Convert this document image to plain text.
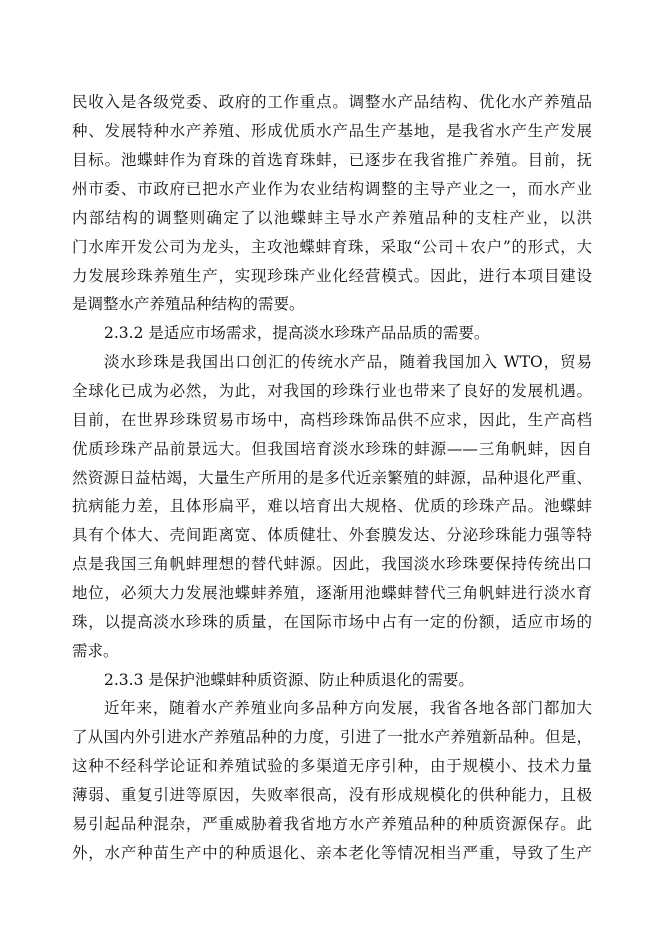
民收入是各级党委、政府的工作重点。调整水产品结构、优化水产养殖品
种、发展特种水产养殖、形成优质水产品生产基地，是我省水产生产发展
目标。池蝶蚌作为育珠的首选育珠蚌，已逐步在我省推广养殖。目前，抚
州市委、市政府已把水产业作为农业结构调整的主导产业之一，而水产业
内部结构的调整则确定了以池蝶蚌主导水产养殖品种的支柱产业，以洪
门水库开发公司为龙头，主攻池蝶蚌育珠，采取“公司＋农户”的形式，大
力发展珍珠养殖生产，实现珍珠产业化经营模式。因此，进行本项目建设
是调整水产养殖品种结构的需要。
2.3.2 是适应市场需求，提高淡水珍珠产品品质的需要。
淡水珍珠是我国出口创汇的传统水产品，随着我国加入 WTO，贸易
全球化已成为必然，为此，对我国的珍珠行业也带来了良好的发展机遇。
目前，在世界珍珠贸易市场中，高档珍珠饰品供不应求，因此，生产高档
优质珍珠产品前景远大。但我国培育淡水珍珠的蚌源——三角帆蚌，因自
然资源日益枯竭，大量生产所用的是多代近亲繁殖的蚌源，品种退化严重、
抗病能力差，且体形扁平，难以培育出大规格、优质的珍珠产品。池蝶蚌
具有个体大、壳间距离宽、体质健壮、外套膜发达、分泌珍珠能力强等特
点是我国三角帆蚌理想的替代蚌源。因此，我国淡水珍珠要保持传统出口
地位，必须大力发展池蝶蚌养殖，逐渐用池蝶蚌替代三角帆蚌进行淡水育
珠，以提高淡水珍珠的质量，在国际市场中占有一定的份额，适应市场的
需求。
2.3.3 是保护池蝶蚌种质资源、防止种质退化的需要。
近年来，随着水产养殖业向多品种方向发展，我省各地各部门都加大
了从国内外引进水产养殖品种的力度，引进了一批水产养殖新品种。但是，
这种不经科学论证和养殖试验的多渠道无序引种，由于规模小、技术力量
薄弱、重复引进等原因，失败率很高，没有形成规模化的供种能力，且极
易引起品种混杂，严重威胁着我省地方水产养殖品种的种质资源保存。此
外，水产种苗生产中的种质退化、亲本老化等情况相当严重，导致了生产
